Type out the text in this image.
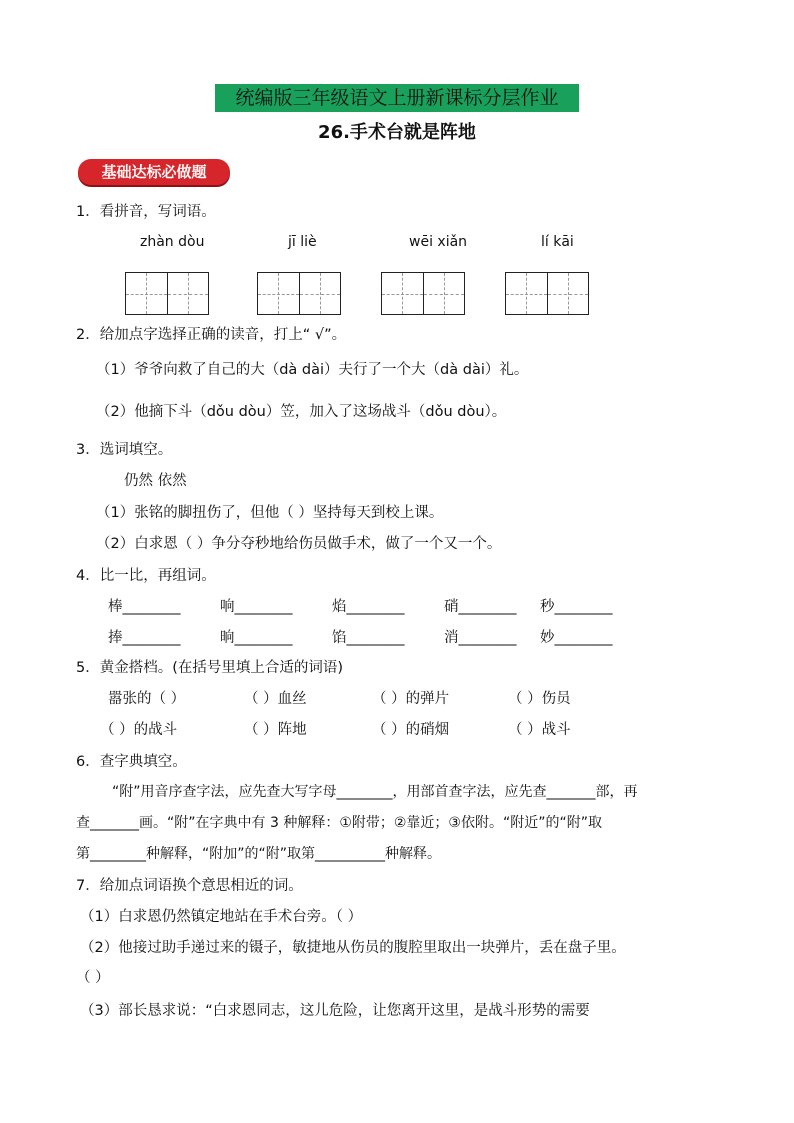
统编版三年级语文上册新课标分层作业
26.手术台就是阵地
基础达标必做题
1．看拼音，写词语。
zhàn dòu	jī liè	wēi xiǎn	lí kāi
2．给加点字选择正确的读音，打上“ √”。
（1）爷爷向救了自己的大（dà dài）夫行了一个大（dà dài）礼。
（2）他摘下斗（dǒu dòu）笠，加入了这场战斗（dǒu dòu）。
3．选词填空。
仍然 依然
（1）张铭的脚扭伤了，但他（ ）坚持每天到校上课。
（2）白求恩（ ）争分夺秒地给伤员做手术，做了一个又一个。
4．比一比，再组词。
棒________	响________	焰________	硝________ 秒________
捧________	晌________	馅________	消________ 妙________
5．黄金搭档。(在括号里填上合适的词语)
嚣张的（ ）	（ ）血丝	（ ）的弹片	（ ）伤员
（ ）的战斗	（ ）阵地	（ ）的硝烟	（ ）战斗
6．查字典填空。
“附”用音序查字法，应先查大写字母________，用部首查字法，应先查_______部，再
查_______画。“附”在字典中有 3 种解释：①附带；②靠近；③依附。“附近”的“附”取
第________种解释，“附加”的“附”取第__________种解释。
7．给加点词语换个意思相近的词。
（1）白求恩仍然镇定地站在手术台旁。（ ）
（2）他接过助手递过来的镊子，敏捷地从伤员的腹腔里取出一块弹片，丢在盘子里。
（ ）
（3）部长恳求说：“白求恩同志，这儿危险，让您离开这里，是战斗形势的需要
